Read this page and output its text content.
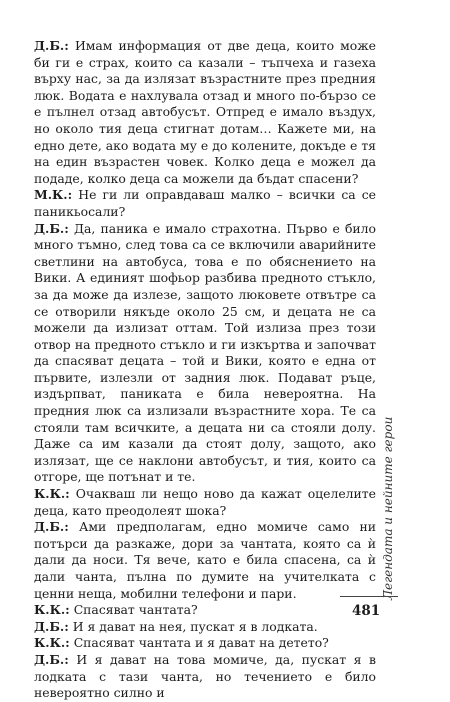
Д.Б.: Имам информация от две деца, които може би ги е страх, които са казали – тъпчеха и газеха върху нас, за да излязат възрастните през предния люк. Водата е нахлувала отзад и много по-бързо се е пълнел отзад автобусът. Отпред е имало въздух, но около тия деца стигнат дотам… Кажете ми, на едно дете, ако водата му е до колените, докъде е тя на един възрастен човек. Колко деца е можел да подаде, колко деца са можели да бъдат спасени?

М.К.: Не ги ли оправдаваш малко – всички са се паникьосали?

Д.Б.: Да, паника е имало страхотна. Първо е било много тъмно, след това са се включили аварийните светлини на автобуса, това е по обяснението на Вики. А единият шофьор разбива предното стъкло, за да може да излезе, защото люковете отвътре са се отворили някъде около 25 см, и децата не са можели да излизат оттам. Той излиза през този отвор на предното стъкло и ги изкъртва и започват да спасяват децата – той и Вики, която е една от първите, излезли от задния люк. Подават ръце, издърпват, паниката е била невероятна. На предния люк са излизали възрастните хора. Те са стояли там всичките, а децата ни са стояли долу. Даже са им казали да стоят долу, защото, ако излязат, ще се наклони автобусът, и тия, които са отгоре, ще потънат и те.

К.К.: Очакваш ли нещо ново да кажат оцелелите деца, като преодолеят шока?

Д.Б.: Ами предполагам, едно момиче само ни потърси да разкаже, дори за чантата, която са ѝ дали да носи. Тя вече, като е била спасена, са ѝ дали чанта, пълна по думите на учителката с ценни неща, мобилни телефони и пари.

К.К.: Спасяват чантата?

Д.Б.: И я дават на нея, пускат я в лодката.

К.К.: Спасяват чантата и я дават на детето?

Д.Б.: И я дават на това момиче, да, пускат я в лодката с тази чанта, но течението е било невероятно силно и

Легендата и нейните герои
481
